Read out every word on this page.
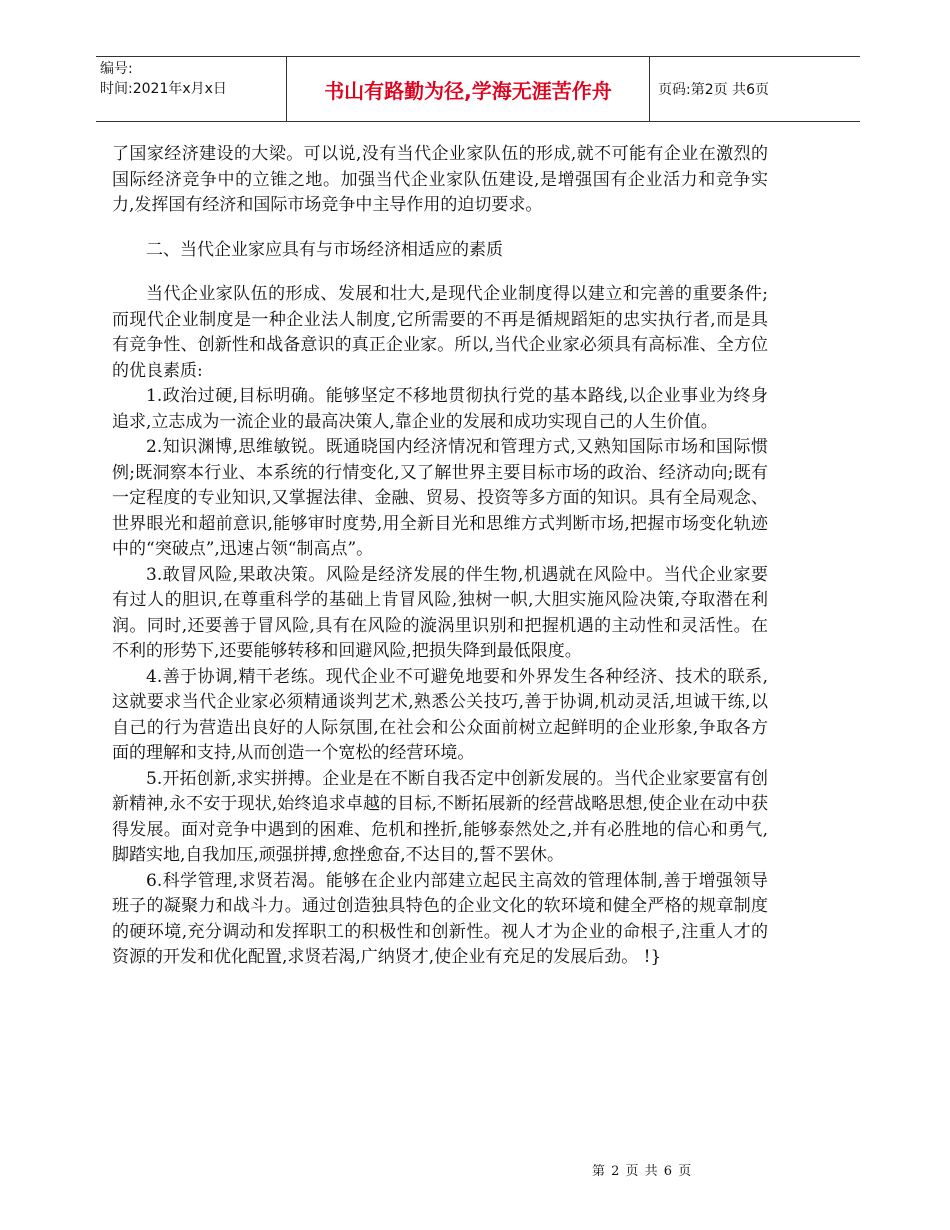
编号:
时间:2021年x月x日	书山有路勤为径,学海无涯苦作舟	页码:第2页 共6页

了国家经济建设的大梁。可以说,没有当代企业家队伍的形成,就不可能有企业在激烈的国际经济竞争中的立锥之地。加强当代企业家队伍建设,是增强国有企业活力和竞争实力,发挥国有经济和国际市场竞争中主导作用的迫切要求。

二、当代企业家应具有与市场经济相适应的素质

当代企业家队伍的形成、发展和壮大,是现代企业制度得以建立和完善的重要条件;而现代企业制度是一种企业法人制度,它所需要的不再是循规蹈矩的忠实执行者,而是具有竞争性、创新性和战备意识的真正企业家。所以,当代企业家必须具有高标准、全方位的优良素质:

1.政治过硬,目标明确。能够坚定不移地贯彻执行党的基本路线,以企业事业为终身追求,立志成为一流企业的最高决策人,靠企业的发展和成功实现自己的人生价值。

2.知识渊博,思维敏锐。既通晓国内经济情况和管理方式,又熟知国际市场和国际惯例;既洞察本行业、本系统的行情变化,又了解世界主要目标市场的政治、经济动向;既有一定程度的专业知识,又掌握法律、金融、贸易、投资等多方面的知识。具有全局观念、世界眼光和超前意识,能够审时度势,用全新目光和思维方式判断市场,把握市场变化轨迹中的“突破点”,迅速占领“制高点”。

3.敢冒风险,果敢决策。风险是经济发展的伴生物,机遇就在风险中。当代企业家要有过人的胆识,在尊重科学的基础上肯冒风险,独树一帜,大胆实施风险决策,夺取潜在利润。同时,还要善于冒风险,具有在风险的漩涡里识别和把握机遇的主动性和灵活性。在不利的形势下,还要能够转移和回避风险,把损失降到最低限度。

4.善于协调,精干老练。现代企业不可避免地要和外界发生各种经济、技术的联系,这就要求当代企业家必须精通谈判艺术,熟悉公关技巧,善于协调,机动灵活,坦诚干练,以自己的行为营造出良好的人际氛围,在社会和公众面前树立起鲜明的企业形象,争取各方面的理解和支持,从而创造一个宽松的经营环境。

5.开拓创新,求实拼搏。企业是在不断自我否定中创新发展的。当代企业家要富有创新精神,永不安于现状,始终追求卓越的目标,不断拓展新的经营战略思想,使企业在动中获得发展。面对竞争中遇到的困难、危机和挫折,能够泰然处之,并有必胜地的信心和勇气,脚踏实地,自我加压,顽强拼搏,愈挫愈奋,不达目的,誓不罢休。

6.科学管理,求贤若渴。能够在企业内部建立起民主高效的管理体制,善于增强领导班子的凝聚力和战斗力。通过创造独具特色的企业文化的软环境和健全严格的规章制度的硬环境,充分调动和发挥职工的积极性和创新性。视人才为企业的命根子,注重人才的资源的开发和优化配置,求贤若渴,广纳贤才,使企业有充足的发展后劲。 !}

第 2 页 共 6 页
